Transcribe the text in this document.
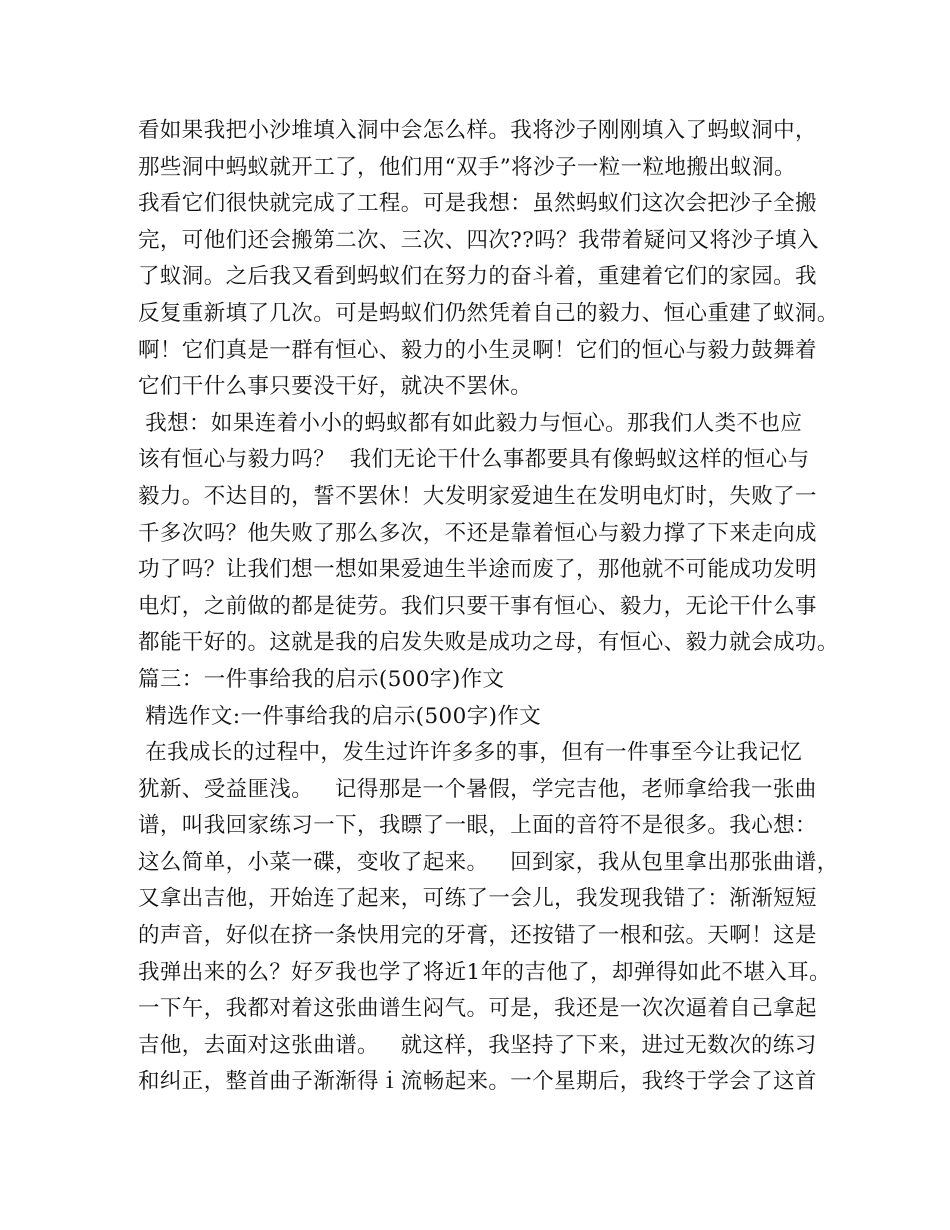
看如果我把小沙堆填入洞中会怎么样。我将沙子刚刚填入了蚂蚁洞中，
那些洞中蚂蚁就开工了，他们用“双手”将沙子一粒一粒地搬出蚁洞。
我看它们很快就完成了工程。可是我想：虽然蚂蚁们这次会把沙子全搬
完，可他们还会搬第二次、三次、四次??吗？我带着疑问又将沙子填入
了蚁洞。之后我又看到蚂蚁们在努力的奋斗着，重建着它们的家园。我
反复重新填了几次。可是蚂蚁们仍然凭着自己的毅力、恒心重建了蚁洞。
啊！它们真是一群有恒心、毅力的小生灵啊！它们的恒心与毅力鼓舞着
它们干什么事只要没干好，就决不罢休。
我想：如果连着小小的蚂蚁都有如此毅力与恒心。那我们人类不也应
该有恒心与毅力吗？  我们无论干什么事都要具有像蚂蚁这样的恒心与
毅力。不达目的，誓不罢休！大发明家爱迪生在发明电灯时，失败了一
千多次吗？他失败了那么多次，不还是靠着恒心与毅力撑了下来走向成
功了吗？让我们想一想如果爱迪生半途而废了，那他就不可能成功发明
电灯，之前做的都是徒劳。我们只要干事有恒心、毅力，无论干什么事
都能干好的。这就是我的启发失败是成功之母，有恒心、毅力就会成功。
篇三：一件事给我的启示(500字)作文
精选作文:一件事给我的启示(500字)作文
在我成长的过程中，发生过许许多多的事，但有一件事至今让我记忆
犹新、受益匪浅。   记得那是一个暑假，学完吉他，老师拿给我一张曲
谱，叫我回家练习一下，我瞟了一眼，上面的音符不是很多。我心想：
这么简单，小菜一碟，变收了起来。   回到家，我从包里拿出那张曲谱，
又拿出吉他，开始连了起来，可练了一会儿，我发现我错了：渐渐短短
的声音，好似在挤一条快用完的牙膏，还按错了一根和弦。天啊！这是
我弹出来的么？好歹我也学了将近1年的吉他了，却弹得如此不堪入耳。
一下午，我都对着这张曲谱生闷气。可是，我还是一次次逼着自己拿起
吉他，去面对这张曲谱。   就这样，我坚持了下来，进过无数次的练习
和纠正，整首曲子渐渐得ｉ流畅起来。一个星期后，我终于学会了这首
